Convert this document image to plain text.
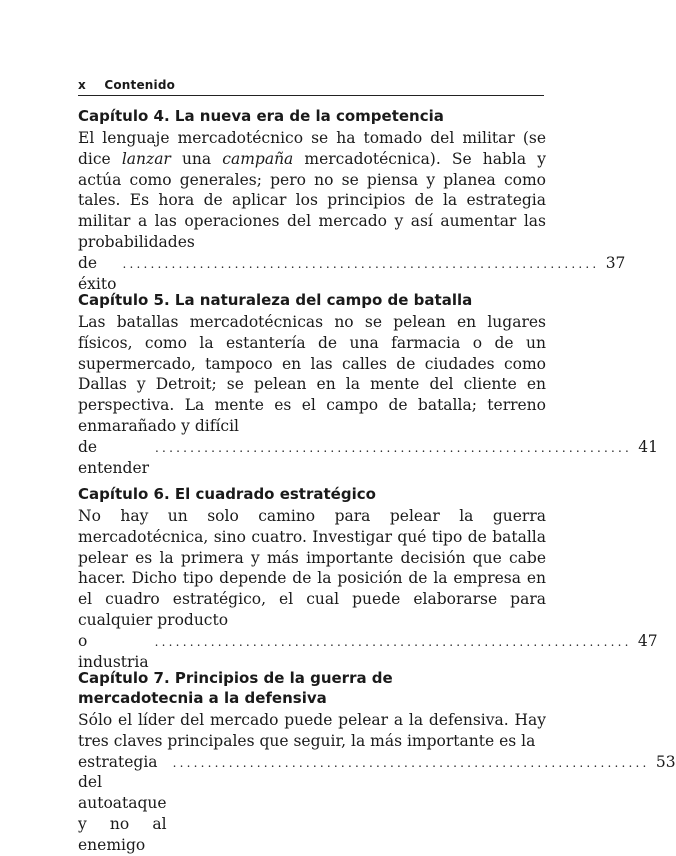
x Contenido
Capítulo 4. La nueva era de la competencia

El lenguaje mercadotécnico se ha tomado del militar (se dice lanzar una campaña mercadotécnica). Se habla y actúa como generales; pero no se piensa y planea como tales. Es hora de aplicar los principios de la estrategia militar a las operaciones del mercado y así aumentar las probabilidades

de éxito
.................................................................... 37
Capítulo 5. La naturaleza del campo de batalla

Las batallas mercadotécnicas no se pelean en lugares físicos, como la estantería de una farmacia o de un supermercado, tampoco en las calles de ciudades como Dallas y Detroit; se pelean en la mente del cliente en perspectiva. La mente es el campo de batalla; terreno enmarañado y difícil

de entender
.................................................................... 41
Capítulo 6. El cuadrado estratégico

No hay un solo camino para pelear la guerra mercadotécnica, sino cuatro. Investigar qué tipo de batalla pelear es la primera y más importante decisión que cabe hacer. Dicho tipo depende de la posición de la empresa en el cuadro estratégico, el cual puede elaborarse para cualquier producto

o industria
.................................................................... 47
Capítulo 7. Principios de la guerra de
mercadotecnia a la defensiva

Sólo el líder del mercado puede pelear a la defensiva. Hay tres claves principales que seguir, la más importante es la

estrategia del autoataque y no al enemigo
.................................................................... 53
